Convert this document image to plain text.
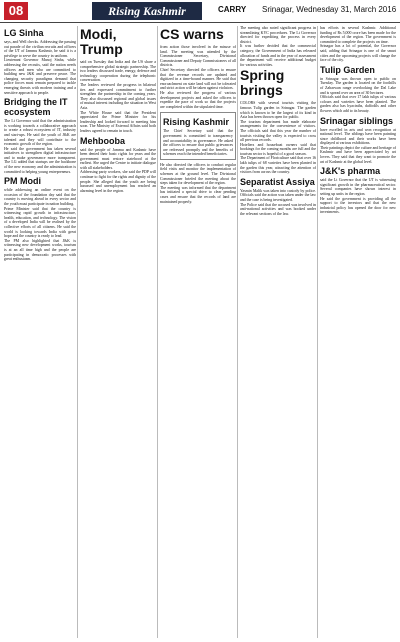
08	Rising Kashmir	CARRY Srinagar, Wednesday 31, March 2016
LG Sinha
says, and Well checks. Addressing the passing out parade of the civilian recruits and officers of the UT of Jammu Kashmir, he said it is a privilege to serve the country in uniform.
Lieutenant Governor Manoj Sinha, while addressing the recruits, said the nation needs officers and men who are committed to building new J&K and preserve peace. The changing security paradigms demand that police forces must remain prepared to tackle emerging threats with modern training and a sensitive approach to people.
Bridging the IT ecosystem
The Lt Governor said that the administration is working towards a collaborative approach to create a robust ecosystem of IT, industry and start-ups. He said the youth of J&K are talented and they will contribute to the economic growth of the region.
He said the government has taken several initiatives to strengthen digital infrastructure and to make governance more transparent. The LG added that startups are the backbone of the new economy and the administration is committed to helping young entrepreneurs.
PM Modi
while addressing an online event on the occasion of the foundation day said that the country is moving ahead in every sector and the youth must participate in nation building.
Prime Minister said that the country is witnessing rapid growth in infrastructure, health, education, and technology. The vision of a developed India will be realised by the collective efforts of all citizens. He said the world is looking towards India with great hope and the country is ready to lead.
The PM also highlighted that J&K is witnessing new development works, tourism is at an all time high and the people are participating in democratic processes with great enthusiasm.
Modi, Trump
said on Tuesday that India and the US share a comprehensive global strategic partnership. The two leaders discussed trade, energy, defence and technology cooperation during the telephonic conversation.
The leaders reviewed the progress in bilateral ties and expressed commitment to further strengthen the partnership in the coming years. They also discussed regional and global issues of mutual interest including the situation in West Asia.
The White House said that the President appreciated the Prime Minister for his leadership and looked forward to meeting him soon. The Ministry of External Affairs said both leaders agreed to remain in touch.
Mehbooba
said the people of Jammu and Kashmir have been denied their basic rights for years and the government must restore statehood at the earliest. She urged the Centre to initiate dialogue with all stakeholders.
Addressing party workers, she said the PDP will continue to fight for the rights and dignity of the people. She alleged that the youth are being harassed and unemployment has reached an alarming level in the region.
CS warns
from action those involved in the misuse of land. The meeting was attended by the Commissioner Secretary, Divisional Commissioner and Deputy Commissioners of all districts.
Chief Secretary directed the officers to ensure that the revenue records are updated and digitized in a time-bound manner. He said that encroachment on state land will not be tolerated and strict action will be taken against violators.
He also reviewed the progress of various development projects and asked the officers to expedite the pace of work so that the projects are completed within the stipulated time.
Rising Kashmir
The Chief Secretary said that the government is committed to transparency and accountability in governance. He asked the officers to ensure that public grievances are redressed promptly and the benefits of schemes reach the intended beneficiaries.
He also directed the officers to conduct regular field visits and monitor the implementation of schemes at the ground level. The Divisional Commissioner briefed the meeting about the steps taken for development of the region.
The meeting was informed that the department has initiated a special drive to clear pending cases and ensure that the records of land are maintained properly.
The meeting also noted significant progress in streamlining KYC procedures. The Lt Governor directed for expediting the process in every district.
It was further decided that the commercial category, the Government of India has released allocation of funds and in the year of assessment the department will receive additional budget for various activities.
Spring brings
COLORS with several tourists visiting the famous Tulip garden in Srinagar. The garden which is known to be the largest of its kind in Asia has been thrown open for public.
The tourism department has made elaborate arrangements for the convenience of visitors. The officials said that this year the number of tourists visiting the valley is expected to cross all previous records.
Hoteliers and houseboat owners said that bookings for the coming months are full and the tourism sector is hopeful of a good season.
The Department of Floriculture said that over 16 lakh tulips of 68 varieties have been planted in the garden this year, attracting the attention of visitors from across the country.
Separatist Assiya
Yasmin Malik was taken into custody by police. Officials said the action was taken under the law and the case is being investigated.
The Police said that the accused was involved in anti-national activities and was booked under the relevant sections of the law.
has efforts in several Kashmir. Additional funding of Rs 5,000 crore has been made for the development of the region. The government is committed to complete the projects on time.
Srinagar has a lot of potential, the Governor said, adding that Srinagar is one of the smart cities and the upcoming projects will change the face of the city.
Tulip Garden
in Srinagar was thrown open to public on Tuesday. The garden is located on the foothills of Zabarwan range overlooking the Dal Lake and is spread over an area of 30 hectares.
Officials said that over 17 lakh tulips of various colours and varieties have been planted. The garden also has hyacinths, daffodils and other flowers which add to its beauty.
Srinagar siblings
have excelled in arts and won recognition at national level. The siblings have been painting since childhood and their works have been displayed at various exhibitions.
Their paintings depict the culture and heritage of Kashmir and have been appreciated by art lovers. They said that they want to promote the art of Kashmir at the global level.
J&K's pharma
said the Lt Governor that the UT is witnessing significant growth in the pharmaceutical sector. Several companies have shown interest in setting up units in the region.
He said the government is providing all the support to the investors and that the new industrial policy has opened the door for new investments.
